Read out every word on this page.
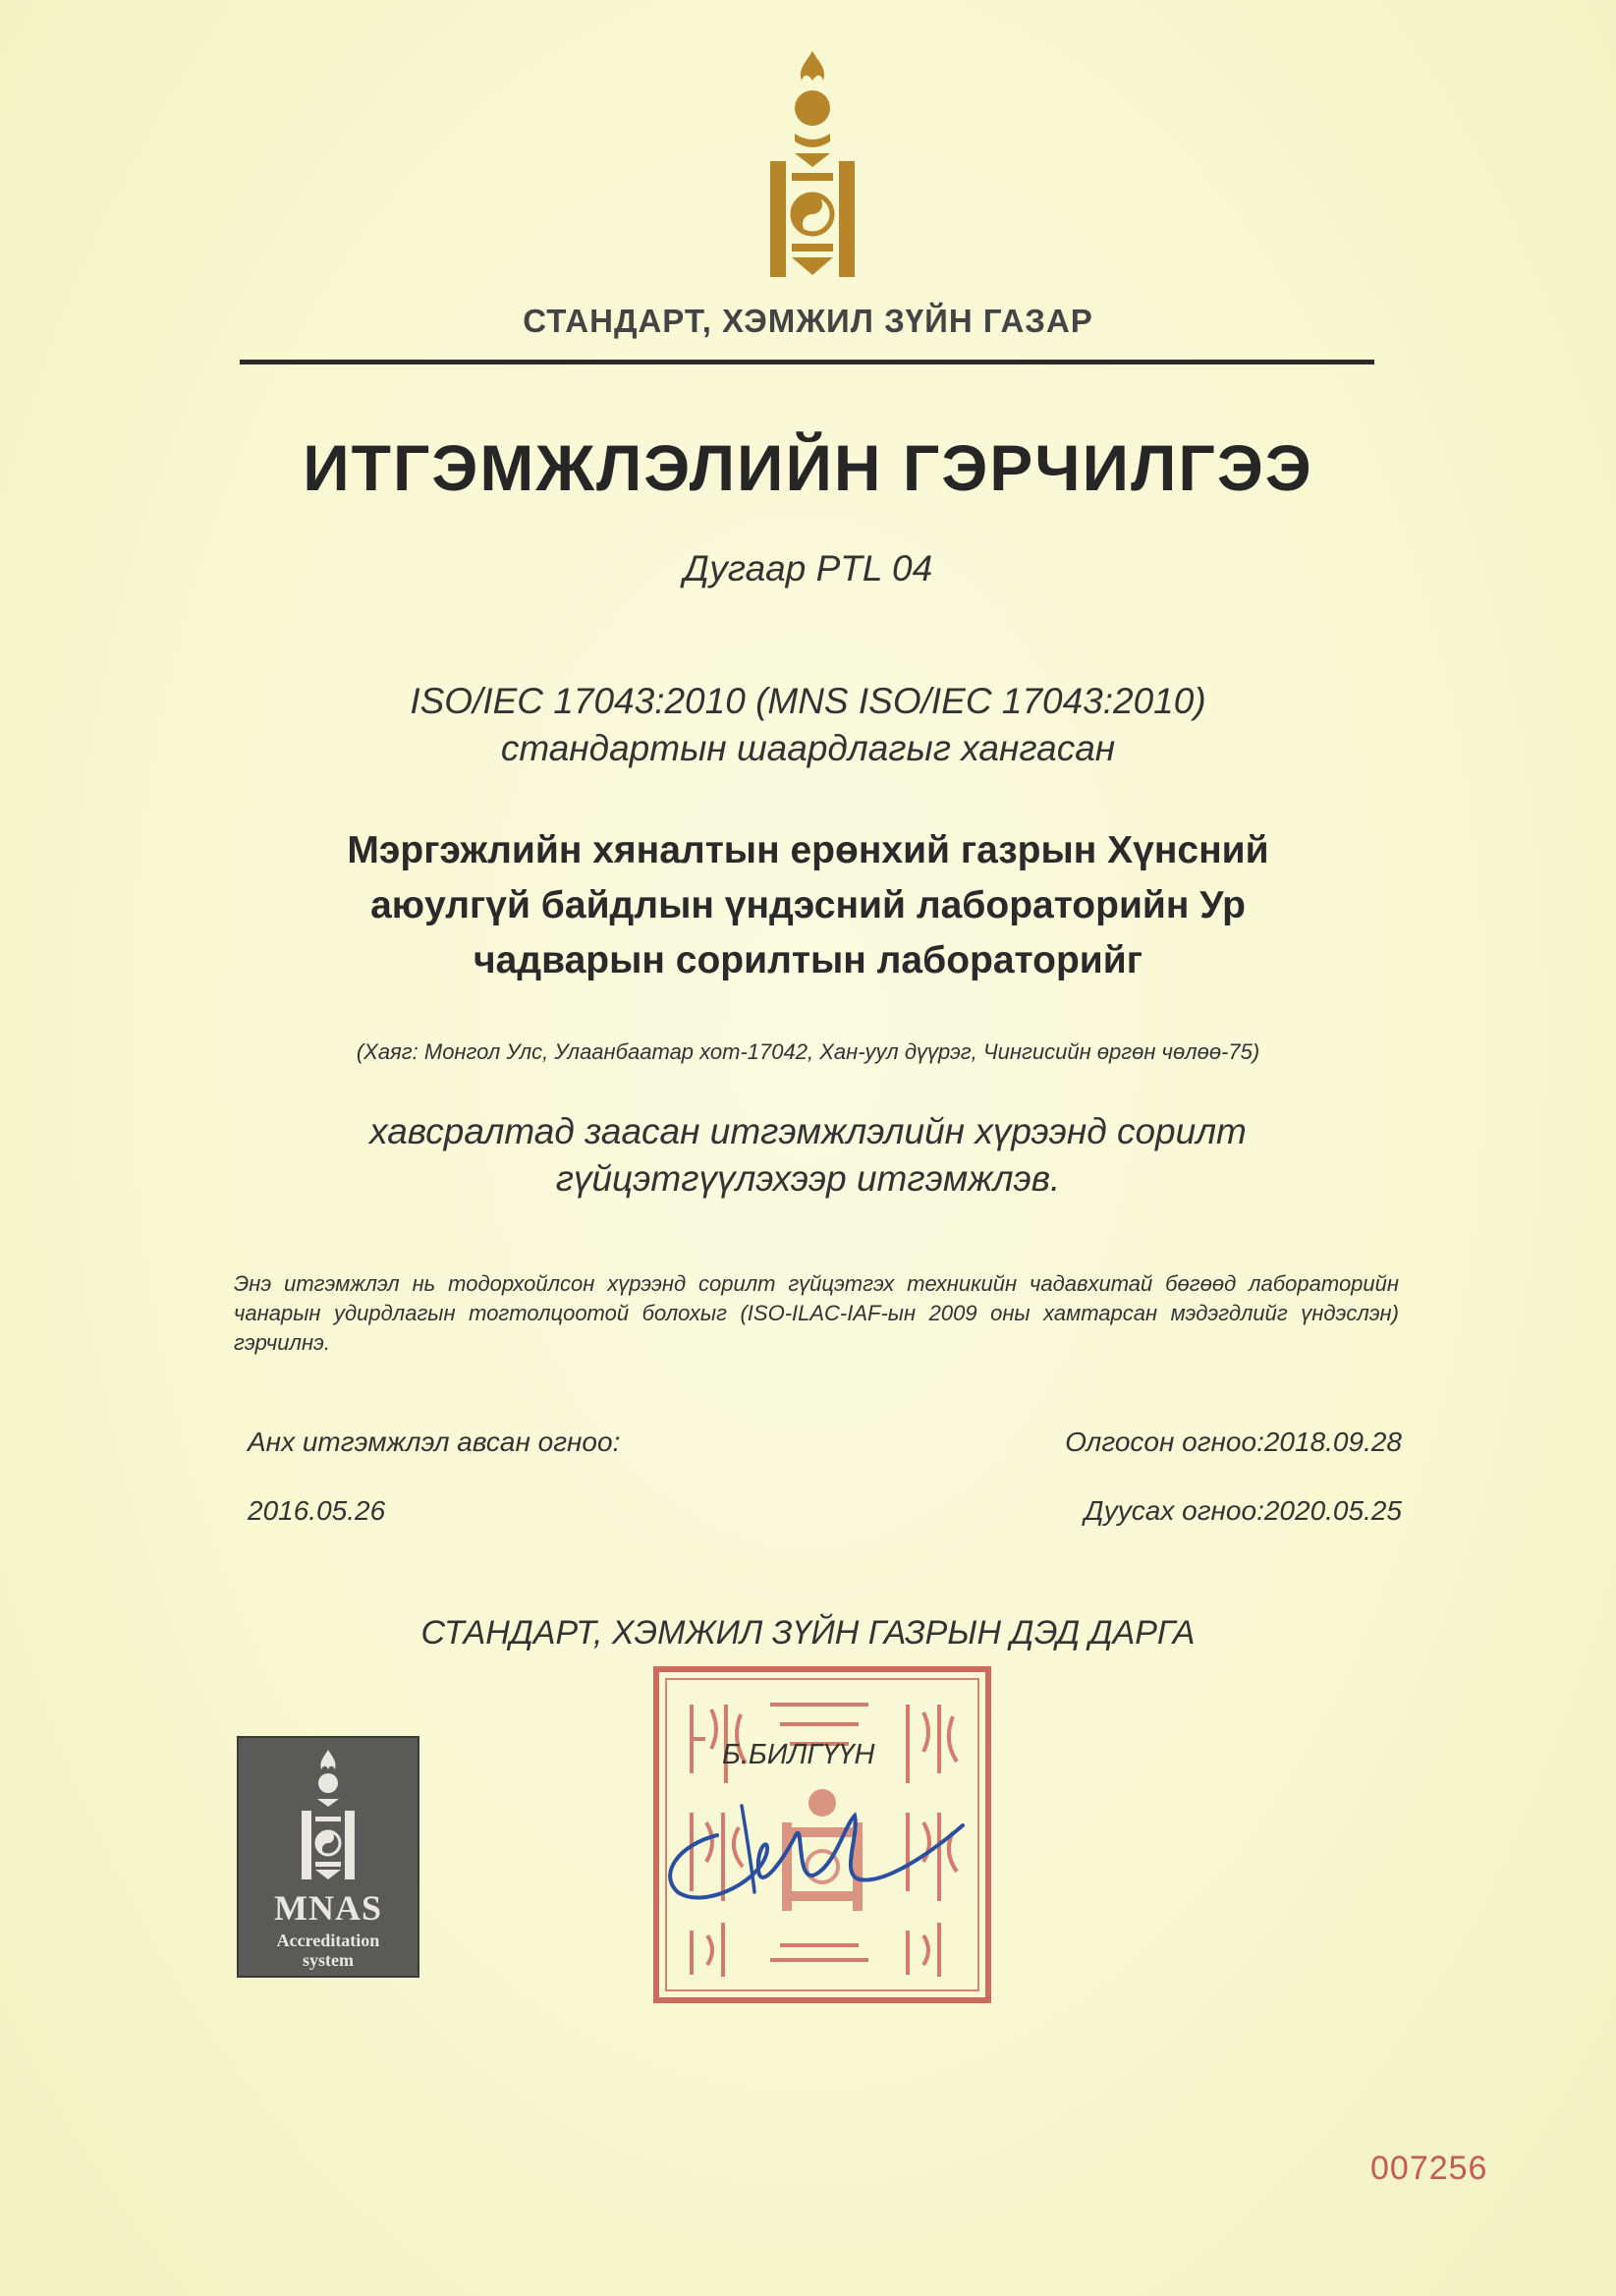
СТАНДАРТ, ХЭМЖИЛ ЗҮЙН ГАЗАР
ИТГЭМЖЛЭЛИЙН ГЭРЧИЛГЭЭ
Дугаар PTL 04
ISO/IEC 17043:2010 (MNS ISO/IEC 17043:2010)
стандартын шаардлагыг хангасан
Мэргэжлийн хяналтын ерөнхий газрын Хүнсний
аюулгүй байдлын үндэсний лабораторийн Ур
чадварын сорилтын лабораторийг
(Хаяг: Монгол Улс, Улаанбаатар хот-17042, Хан-уул дүүрэг, Чингисийн өргөн чөлөө-75)
хавсралтад заасан итгэмжлэлийн хүрээнд сорилт
гүйцэтгүүлэхээр итгэмжлэв.
Энэ итгэмжлэл нь тодорхойлсон хүрээнд сорилт гүйцэтгэх техникийн чадавхитай бөгөөд лабораторийн чанарын удирдлагын тогтолцоотой болохыг (ISO-ILAC-IAF-ын 2009 оны хамтарсан мэдэгдлийг үндэслэн) гэрчилнэ.
Анх итгэмжлэл авсан огноо:
2016.05.26
Олгосон огноо:2018.09.28
Дуусах огноо:2020.05.25
СТАНДАРТ, ХЭМЖИЛ ЗҮЙН ГАЗРЫН ДЭД ДАРГА
Б.БИЛГҮҮН
MNAS
Accreditation
system
007256
